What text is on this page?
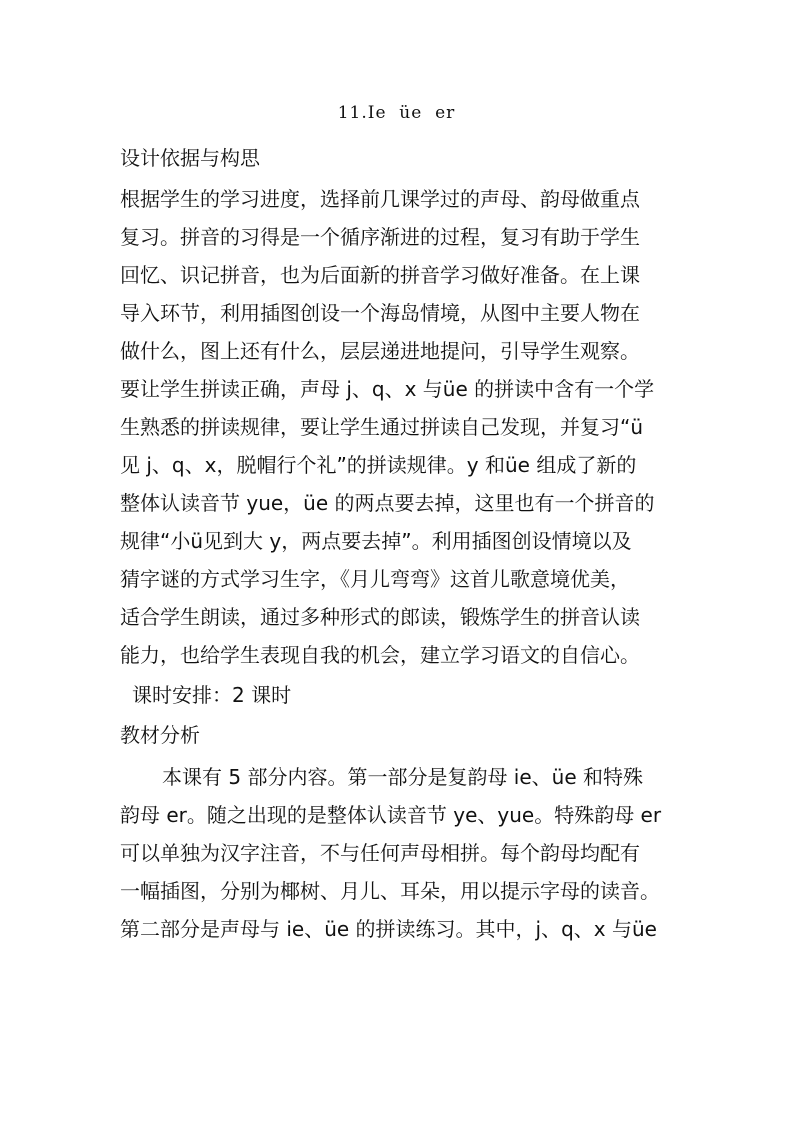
11.Ie  üe  er
设计依据与构思
根据学生的学习进度，选择前几课学过的声母、韵母做重点
复习。拼音的习得是一个循序渐进的过程，复习有助于学生
回忆、识记拼音，也为后面新的拼音学习做好准备。在上课
导入环节，利用插图创设一个海岛情境，从图中主要人物在
做什么，图上还有什么，层层递进地提问，引导学生观察。
要让学生拼读正确，声母 j、q、x 与üe 的拼读中含有一个学
生熟悉的拼读规律，要让学生通过拼读自己发现，并复习“ü
见 j、q、x，脱帽行个礼”的拼读规律。y 和üe 组成了新的
整体认读音节 yue，üe 的两点要去掉，这里也有一个拼音的
规律“小ü见到大 y，两点要去掉”。利用插图创设情境以及
猜字谜的方式学习生字，《月儿弯弯》这首儿歌意境优美，
适合学生朗读，通过多种形式的郎读，锻炼学生的拼音认读
能力，也给学生表现自我的机会，建立学习语文的自信心。
课时安排：2 课时
教材分析
本课有 5 部分内容。第一部分是复韵母 ie、üe 和特殊
韵母 er。随之出现的是整体认读音节 ye、yue。特殊韵母 er
可以单独为汉字注音，不与任何声母相拼。每个韵母均配有
一幅插图，分别为椰树、月儿、耳朵，用以提示字母的读音。
第二部分是声母与 ie、üe 的拼读练习。其中，j、q、x 与üe
